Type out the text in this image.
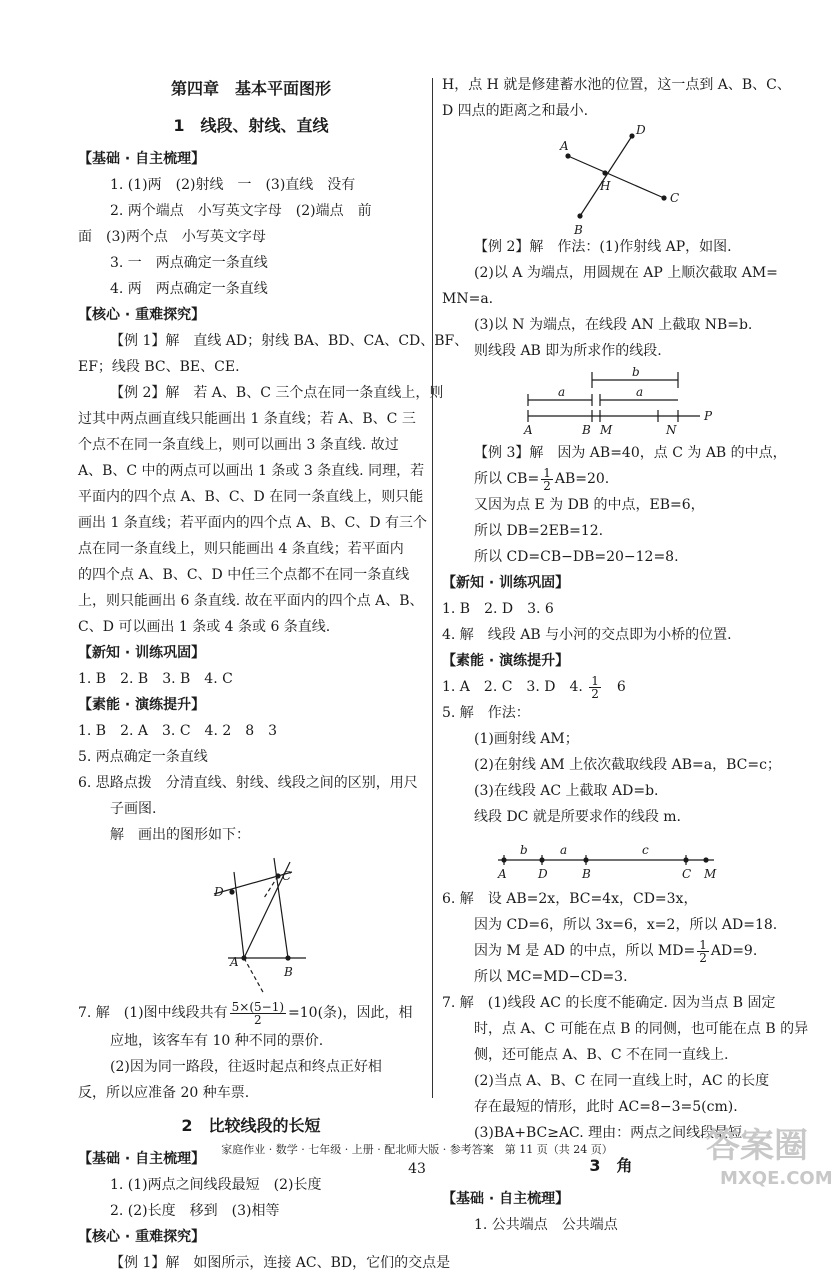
第四章　基本平面图形
1　线段、射线、直线
【基础 · 自主梳理】
1. (1)两　(2)射线　一　(3)直线　没有
2. 两个端点　小写英文字母　(2)端点　前
面　(3)两个点　小写英文字母
3. 一　两点确定一条直线
4. 两　两点确定一条直线
【核心 · 重难探究】
【例 1】解　直线 AD；射线 BA、BD、CA、CD、BF、
EF；线段 BC、BE、CE.
【例 2】解　若 A、B、C 三个点在同一条直线上，则
过其中两点画直线只能画出 1 条直线；若 A、B、C 三
个点不在同一条直线上，则可以画出 3 条直线. 故过
A、B、C 中的两点可以画出 1 条或 3 条直线. 同理，若
平面内的四个点 A、B、C、D 在同一条直线上，则只能
画出 1 条直线；若平面内的四个点 A、B、C、D 有三个
点在同一条直线上，则只能画出 4 条直线；若平面内
的四个点 A、B、C、D 中任三个点都不在同一条直线
上，则只能画出 6 条直线. 故在平面内的四个点 A、B、
C、D 可以画出 1 条或 4 条或 6 条直线.
【新知 · 训练巩固】
1. B　2. B　3. B　4. C
【素能 · 演练提升】
1. B　2. A　3. C　4. 2　8　3
5. 两点确定一条直线
6. 思路点拨　分清直线、射线、线段之间的区别，用尺
子画图.
解　画出的图形如下：
A
B
C
D
7. 解　(1)图中线段共有 $\frac{5\times(5-1)}{2} =10$(条)，因此，相
应地，该客车有 10 种不同的票价.
(2)因为同一路段，往返时起点和终点正好相
反，所以应准备 20 种车票.
2　比较线段的长短
【基础 · 自主梳理】
1. (1)两点之间线段最短　(2)长度
2. (2)长度　移到　(3)相等
【核心 · 重难探究】
【例 1】解　如图所示，连接 AC、BD，它们的交点是
H，点 H 就是修建蓄水池的位置，这一点到 A、B、C、
D 四点的距离之和最小.
A
B
C
D
H
【例 2】解　作法：(1)作射线 AP，如图.
(2)以 A 为端点，用圆规在 AP 上顺次截取 AM=
MN=a.
(3)以 N 为端点，在线段 AN 上截取 NB=b.
则线段 AB 即为所求作的线段.
a	a
b
A	B M	N
P
【例 3】解　因为 AB=40，点 C 为 AB 的中点，
所以 $CB= \frac{1}{2} AB=20$.
又因为点 E 为 DB 的中点，EB=6，
所以 DB=2EB=12.
所以 CD=CB−DB=20−12=8.
【新知 · 训练巩固】
1. B　2. D　3. 6
4. 解　线段 AB 与小河的交点即为小桥的位置.
【素能 · 演练提升】
1. A　2. C　3. D　4. $\frac{1}{2}$ 　6
5. 解　作法：
(1)画射线 AM；
(2)在射线 AM 上依次截取线段 AB=a，BC=c；
(3)在线段 AC 上截取 AD=b.
线段 DC 就是所要求作的线段 m.
b	a	c
A	D	B	C M
6. 解　设 AB=2x，BC=4x，CD=3x，
因为 CD=6，所以 3x=6，x=2，所以 AD=18.
因为 M 是 AD 的中点，所以 $MD= \frac{1}{2} AD=9$.
所以 MC=MD−CD=3.
7. 解　(1)线段 AC 的长度不能确定. 因为当点 B 固定
时，点 A、C 可能在点 B 的同侧，也可能在点 B 的异
侧，还可能点 A、B、C 不在同一直线上.
(2)当点 A、B、C 在同一直线上时，AC 的长度
存在最短的情形，此时 AC=8−3=5(cm).
(3)BA+BC≥AC. 理由：两点之间线段最短.
3　角
【基础 · 自主梳理】
1. 公共端点　公共端点
家庭作业 · 数学 · 七年级 · 上册 · 配北师大版 · 参考答案　第 11 页（共 24 页）
43
答案圈
MXQE.COM
